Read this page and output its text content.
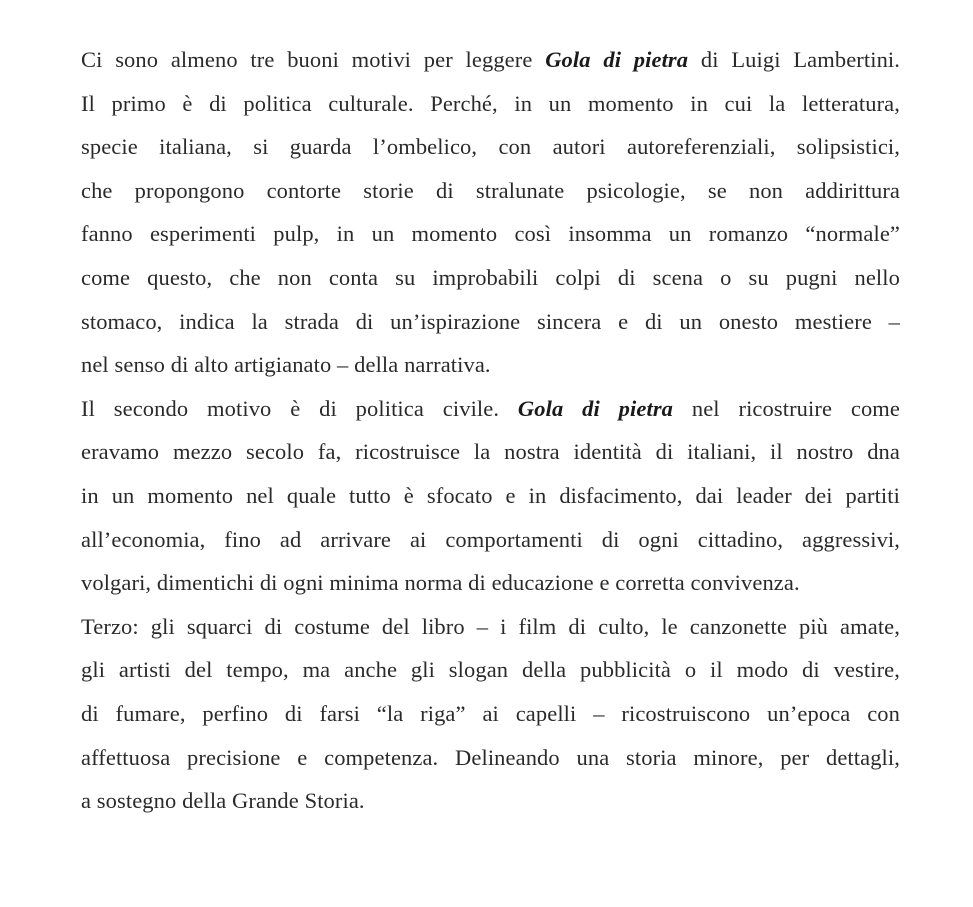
Ci sono almeno tre buoni motivi per leggere Gola di pietra di Luigi Lambertini.
Il primo è di politica culturale. Perché, in un momento in cui la letteratura,
specie italiana, si guarda l’ombelico, con autori autoreferenziali, solipsistici,
che propongono contorte storie di stralunate psicologie, se non addirittura
fanno esperimenti pulp, in un momento così insomma un romanzo “normale”
come questo, che non conta su improbabili colpi di scena o su pugni nello
stomaco, indica la strada di un’ispirazione sincera e di un onesto mestiere –
nel senso di alto artigianato – della narrativa.
Il secondo motivo è di politica civile. Gola di pietra nel ricostruire come
eravamo mezzo secolo fa, ricostruisce la nostra identità di italiani, il nostro dna
in un momento nel quale tutto è sfocato e in disfacimento, dai leader dei partiti
all’economia, fino ad arrivare ai comportamenti di ogni cittadino, aggressivi,
volgari, dimentichi di ogni minima norma di educazione e corretta convivenza.
Terzo: gli squarci di costume del libro – i film di culto, le canzonette più amate,
gli artisti del tempo, ma anche gli slogan della pubblicità o il modo di vestire,
di fumare, perfino di farsi “la riga” ai capelli – ricostruiscono un’epoca con
affettuosa precisione e competenza. Delineando una storia minore, per dettagli,
a sostegno della Grande Storia.
